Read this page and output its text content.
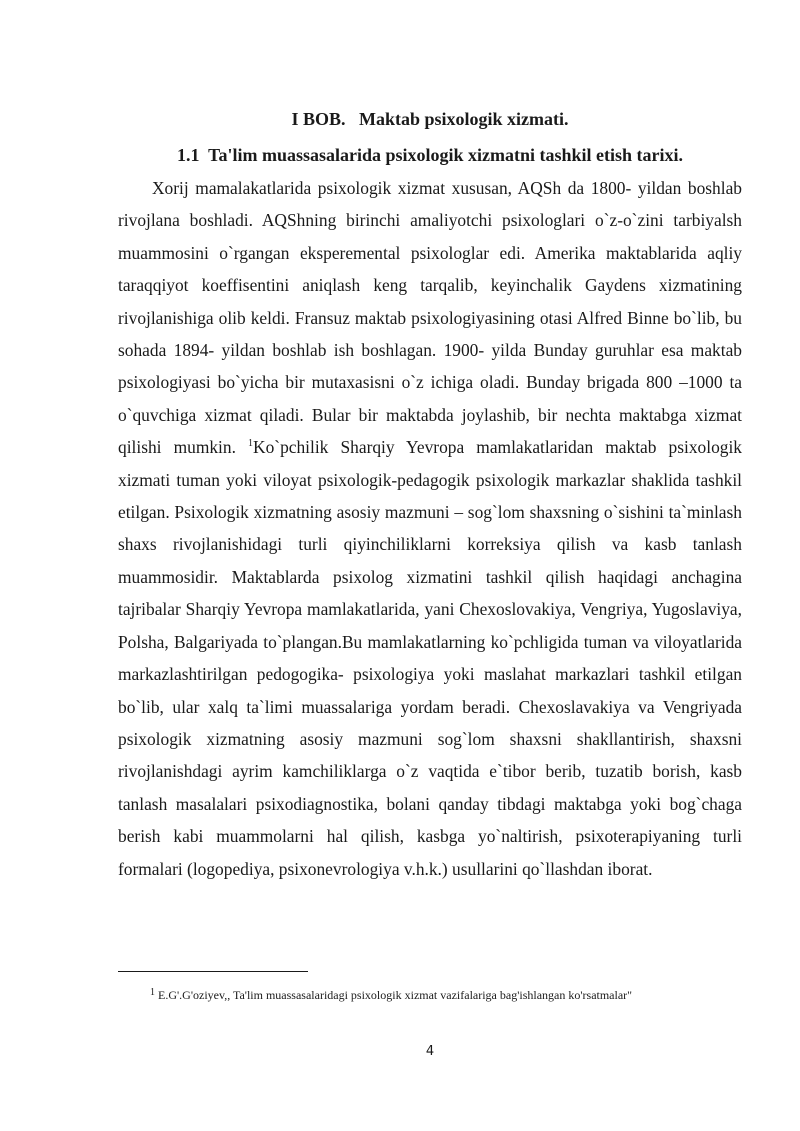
I BOB.   Maktab psixologik xizmati.
1.1  Ta'lim muassasalarida psixologik xizmatni tashkil etish tarixi.

Xorij mamalakatlarida psixologik xizmat xususan, AQSh da 1800- yildan boshlab rivojlana boshladi. AQShning birinchi amaliyotchi psixologlari o`z-o`zini tarbiyalsh muammosini o`rgangan eksperemental psixologlar edi. Amerika maktablarida aqliy taraqqiyot koeffisentini aniqlash keng tarqalib, keyinchalik Gaydens xizmatining rivojlanishiga olib keldi. Fransuz maktab psixologiyasining otasi Alfred Binne bo`lib, bu sohada 1894- yildan boshlab ish boshlagan. 1900- yilda Bunday guruhlar esa maktab psixologiyasi bo`yicha bir mutaxasisni o`z ichiga oladi. Bunday brigada 800 –1000 ta o`quvchiga xizmat qiladi. Bular bir maktabda joylashib, bir nechta maktabga xizmat qilishi mumkin. $^1$Ko`pchilik Sharqiy Yevropa mamlakatlaridan maktab psixologik xizmati tuman yoki viloyat psixologik-pedagogik psixologik markazlar shaklida tashkil etilgan. Psixologik xizmatning asosiy mazmuni – sog`lom shaxsning o`sishini ta`minlash shaxs rivojlanishidagi turli qiyinchiliklarni korreksiya qilish va kasb tanlash muammosidir. Maktablarda psixolog xizmatini tashkil qilish haqidagi anchagina tajribalar Sharqiy Yevropa mamlakatlarida, yani Chexoslovakiya, Vengriya, Yugoslaviya, Polsha, Balgariyada to`plangan.Bu mamlakatlarning ko`pchligida tuman va viloyatlarida markazlashtirilgan pedogogika- psixologiya yoki maslahat markazlari tashkil etilgan bo`lib, ular xalq ta`limi muassalariga yordam beradi. Chexoslavakiya va Vengriyada psixologik xizmatning asosiy mazmuni sog`lom shaxsni shakllantirish, shaxsni rivojlanishdagi ayrim kamchiliklarga o`z vaqtida e`tibor berib, tuzatib borish, kasb tanlash masalalari psixodiagnostika, bolani qanday tibdagi maktabga yoki bog`chaga berish kabi muammolarni hal qilish, kasbga yo`naltirish, psixoterapiyaning turli formalari (logopediya, psixonevrologiya v.h.k.) usullarini qo`llashdan iborat.

$^1$ E.G'.G'oziyev,, Ta'lim muassasalaridagi psixologik xizmat vazifalariga bag'ishlangan ko'rsatmalar"
4
